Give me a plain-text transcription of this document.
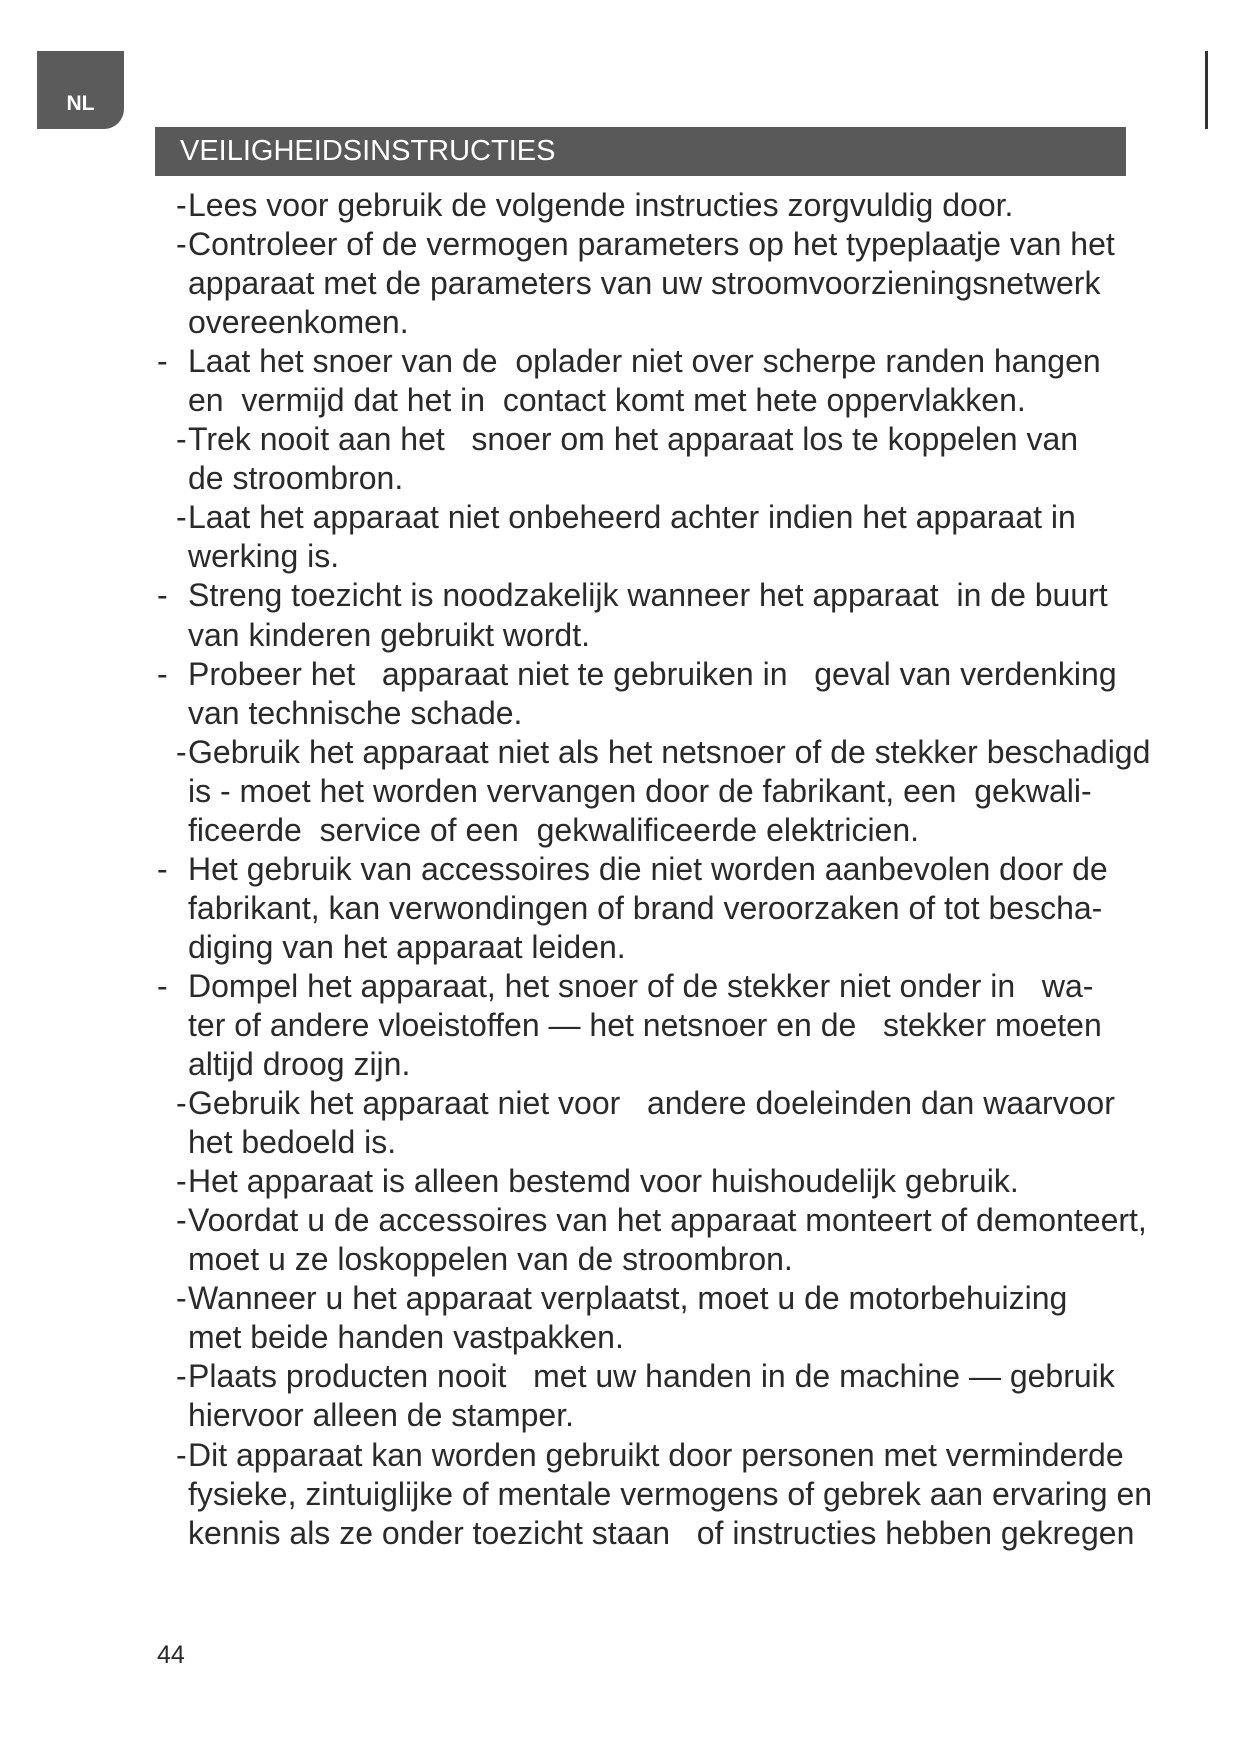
NL
VEILIGHEIDSINSTRUCTIES
- Lees voor gebruik de volgende instructies zorgvuldig door.
- Controleer of de vermogen parameters op het typeplaatje van het
apparaat met de parameters van uw stroomvoorzieningsnetwerk
overeenkomen.
- Laat het snoer van de  oplader niet over scherpe randen hangen
en  vermijd dat het in  contact komt met hete oppervlakken.
- Trek nooit aan het   snoer om het apparaat los te koppelen van
de stroombron.
- Laat het apparaat niet onbeheerd achter indien het apparaat in
werking is.
- Streng toezicht is noodzakelijk wanneer het apparaat  in de buurt
van kinderen gebruikt wordt.
- Probeer het   apparaat niet te gebruiken in   geval van verdenking
van technische schade.
- Gebruik het apparaat niet als het netsnoer of de stekker beschadigd
is - moet het worden vervangen door de fabrikant, een  gekwali-
ficeerde  service of een  gekwalificeerde elektricien.
- Het gebruik van accessoires die niet worden aanbevolen door de
fabrikant, kan verwondingen of brand veroorzaken of tot bescha-
diging van het apparaat leiden.
- Dompel het apparaat, het snoer of de stekker niet onder in   wa-
ter of andere vloeistoffen — het netsnoer en de   stekker moeten
altijd droog zijn.
- Gebruik het apparaat niet voor   andere doeleinden dan waarvoor
het bedoeld is.
- Het apparaat is alleen bestemd voor huishoudelijk gebruik.
- Voordat u de accessoires van het apparaat monteert of demonteert,
moet u ze loskoppelen van de stroombron.
- Wanneer u het apparaat verplaatst, moet u de motorbehuizing
met beide handen vastpakken.
- Plaats producten nooit   met uw handen in de machine — gebruik
hiervoor alleen de stamper.
- Dit apparaat kan worden gebruikt door personen met verminderde
fysieke, zintuiglijke of mentale vermogens of gebrek aan ervaring en
kennis als ze onder toezicht staan   of instructies hebben gekregen
44
